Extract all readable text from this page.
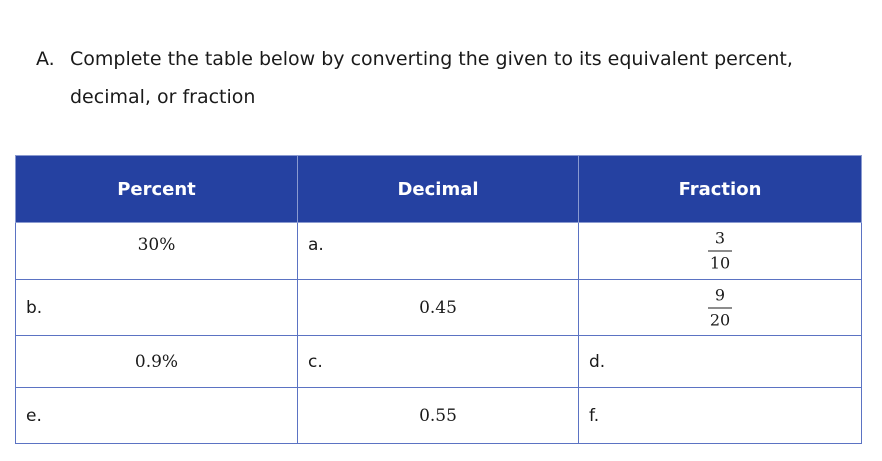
A. Complete the table below by converting the given to its equivalent percent, decimal, or fraction
Percent	Decimal	Fraction

30%	a.	$\frac{3}{10}$

b.	0.45	$\frac{9}{20}$

0.9%	c.	d.

e.	0.55	f.
